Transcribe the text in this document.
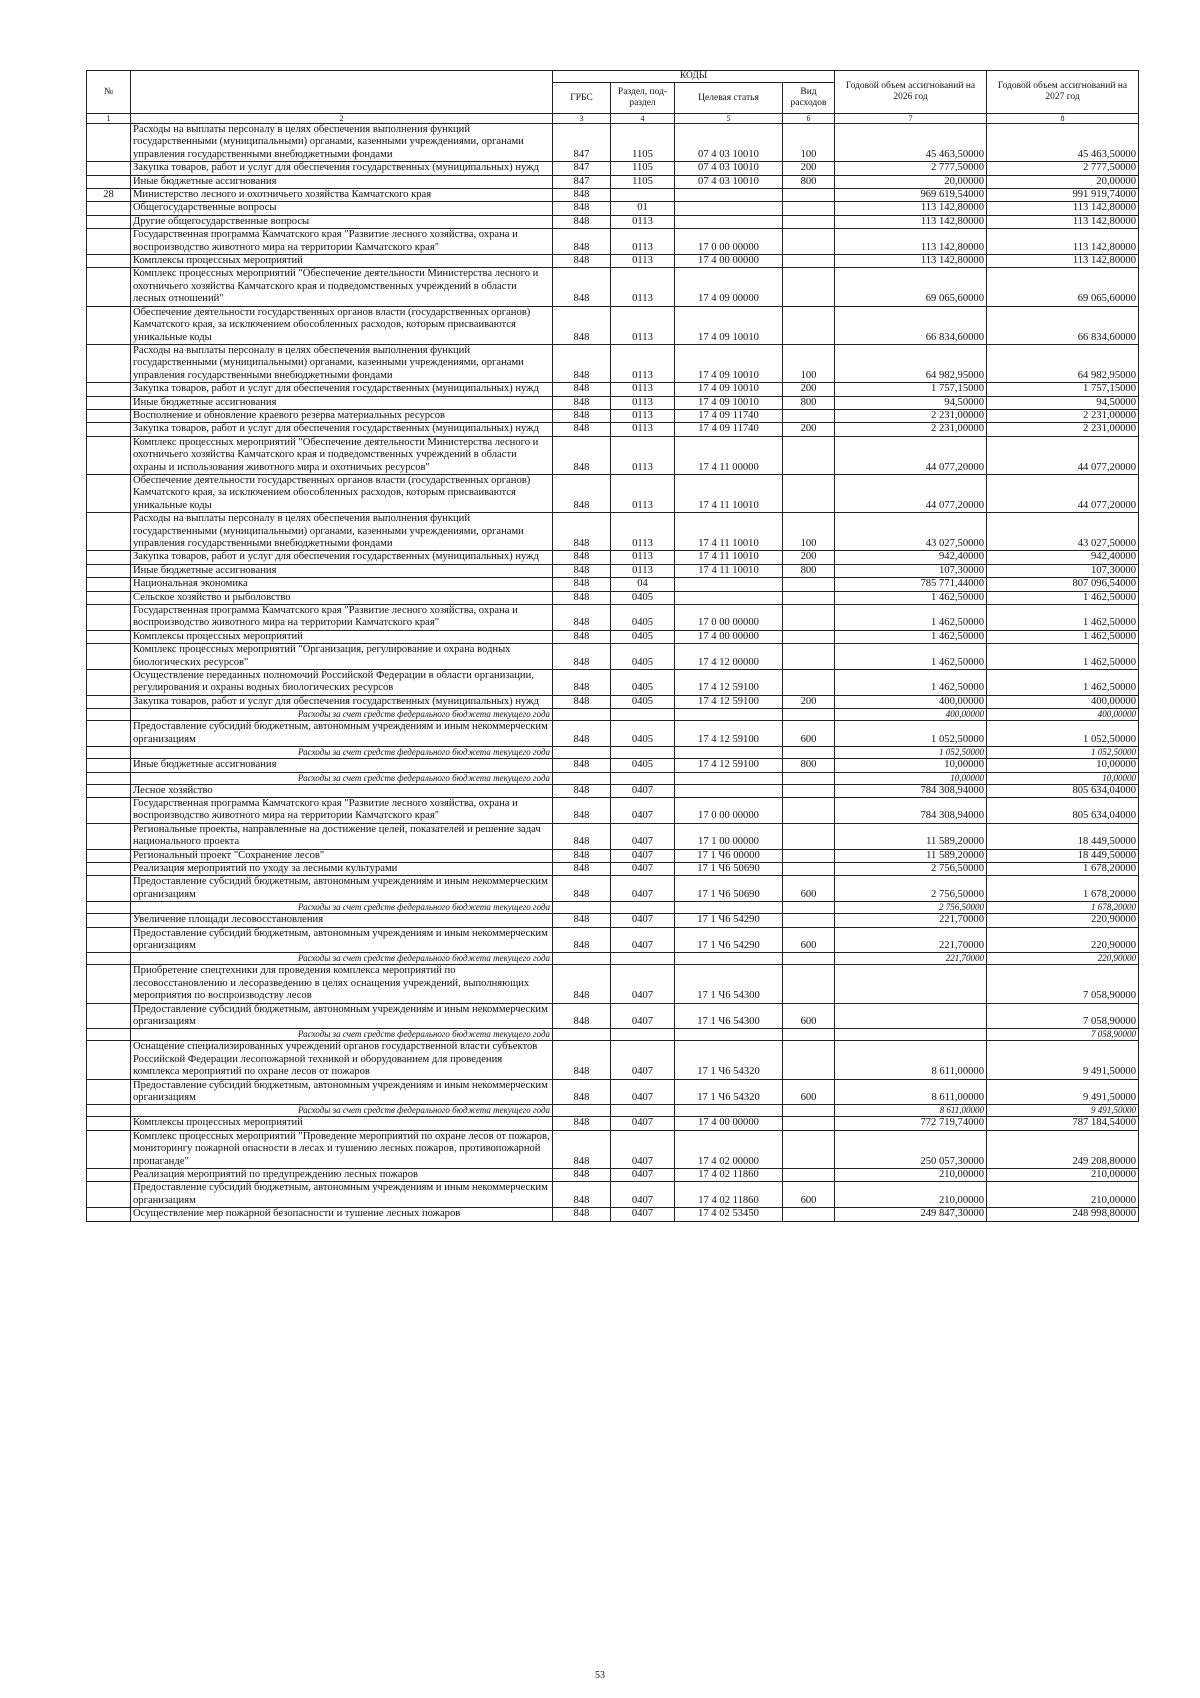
№		КОДЫ				Годовой объем ассигнований на 2026 год	Годовой объем ассигнований на 2027 год
		ГРБС	Раздел, под-раздел	Целевая статья	Вид расходов		
1	2	3	4	5	6	7	8
	Расходы на выплаты персоналу в целях обеспечения выполнения функций государственными (муниципальными) органами, казенными учреждениями, органами управления государственными внебюджетными фондами	847	1105	07 4 03 10010	100	45 463,50000	45 463,50000
	Закупка товаров, работ и услуг для обеспечения государственных (муниципальных) нужд	847	1105	07 4 03 10010	200	2 777,50000	2 777,50000
	Иные бюджетные ассигнования	847	1105	07 4 03 10010	800	20,00000	20,00000
28	Министерство лесного и охотничьего хозяйства Камчатского края	848				969 619,54000	991 919,74000
	Общегосударственные вопросы	848	01			113 142,80000	113 142,80000
	Другие общегосударственные вопросы	848	0113			113 142,80000	113 142,80000
	Государственная программа Камчатского края "Развитие лесного хозяйства, охрана и воспроизводство животного мира на территории Камчатского края"	848	0113	17 0 00 00000		113 142,80000	113 142,80000
	Комплексы процессных мероприятий	848	0113	17 4 00 00000		113 142,80000	113 142,80000
	Комплекс процессных мероприятий "Обеспечение деятельности Министерства лесного и охотничьего хозяйства Камчатского края и подведомственных учреждений в области лесных отношений"	848	0113	17 4 09 00000		69 065,60000	69 065,60000
	Обеспечение деятельности государственных органов власти (государственных органов) Камчатского края, за исключением обособленных расходов, которым присваиваются уникальные коды	848	0113	17 4 09 10010		66 834,60000	66 834,60000
	Расходы на выплаты персоналу в целях обеспечения выполнения функций государственными (муниципальными) органами, казенными учреждениями, органами управления государственными внебюджетными фондами	848	0113	17 4 09 10010	100	64 982,95000	64 982,95000
	Закупка товаров, работ и услуг для обеспечения государственных (муниципальных) нужд	848	0113	17 4 09 10010	200	1 757,15000	1 757,15000
	Иные бюджетные ассигнования	848	0113	17 4 09 10010	800	94,50000	94,50000
	Восполнение и обновление краевого резерва материальных ресурсов	848	0113	17 4 09 11740		2 231,00000	2 231,00000
	Закупка товаров, работ и услуг для обеспечения государственных (муниципальных) нужд	848	0113	17 4 09 11740	200	2 231,00000	2 231,00000
	Комплекс процессных мероприятий "Обеспечение деятельности Министерства лесного и охотничьего хозяйства Камчатского края и подведомственных учреждений в области охраны и использования животного мира и охотничьих ресурсов"	848	0113	17 4 11 00000		44 077,20000	44 077,20000
	Обеспечение деятельности государственных органов власти (государственных органов) Камчатского края, за исключением обособленных расходов, которым присваиваются уникальные коды	848	0113	17 4 11 10010		44 077,20000	44 077,20000
	Расходы на выплаты персоналу в целях обеспечения выполнения функций государственными (муниципальными) органами, казенными учреждениями, органами управления государственными внебюджетными фондами	848	0113	17 4 11 10010	100	43 027,50000	43 027,50000
	Закупка товаров, работ и услуг для обеспечения государственных (муниципальных) нужд	848	0113	17 4 11 10010	200	942,40000	942,40000
	Иные бюджетные ассигнования	848	0113	17 4 11 10010	800	107,30000	107,30000
	Национальная экономика	848	04			785 771,44000	807 096,54000
	Сельское хозяйство и рыболовство	848	0405			1 462,50000	1 462,50000
	Государственная программа Камчатского края "Развитие лесного хозяйства, охрана и воспроизводство животного мира на территории Камчатского края"	848	0405	17 0 00 00000		1 462,50000	1 462,50000
	Комплексы процессных мероприятий	848	0405	17 4 00 00000		1 462,50000	1 462,50000
	Комплекс процессных мероприятий "Организация, регулирование и охрана водных биологических ресурсов"	848	0405	17 4 12 00000		1 462,50000	1 462,50000
	Осуществление переданных полномочий Российской Федерации в области организации, регулирования и охраны водных биологических ресурсов	848	0405	17 4 12 59100		1 462,50000	1 462,50000
	Закупка товаров, работ и услуг для обеспечения государственных (муниципальных) нужд	848	0405	17 4 12 59100	200	400,00000	400,00000
	Расходы за счет средств федерального бюджета текущего года					400,00000	400,00000
	Предоставление субсидий бюджетным, автономным учреждениям и иным некоммерческим организациям	848	0405	17 4 12 59100	600	1 052,50000	1 052,50000
	Расходы за счет средств федерального бюджета текущего года					1 052,50000	1 052,50000
	Иные бюджетные ассигнования	848	0405	17 4 12 59100	800	10,00000	10,00000
	Расходы за счет средств федерального бюджета текущего года					10,00000	10,00000
	Лесное хозяйство	848	0407			784 308,94000	805 634,04000
	Государственная программа Камчатского края "Развитие лесного хозяйства, охрана и воспроизводство животного мира на территории Камчатского края"	848	0407	17 0 00 00000		784 308,94000	805 634,04000
	Региональные проекты, направленные на достижение целей, показателей и решение задач национального проекта	848	0407	17 1 00 00000		11 589,20000	18 449,50000
	Региональный проект "Сохранение лесов"	848	0407	17 1 Ч6 00000		11 589,20000	18 449,50000
	Реализация мероприятий по уходу за лесными культурами	848	0407	17 1 Ч6 50690		2 756,50000	1 678,20000
	Предоставление субсидий бюджетным, автономным учреждениям и иным некоммерческим организациям	848	0407	17 1 Ч6 50690	600	2 756,50000	1 678,20000
	Расходы за счет средств федерального бюджета текущего года					2 756,50000	1 678,20000
	Увеличение площади лесовосстановления	848	0407	17 1 Ч6 54290		221,70000	220,90000
	Предоставление субсидий бюджетным, автономным учреждениям и иным некоммерческим организациям	848	0407	17 1 Ч6 54290	600	221,70000	220,90000
	Расходы за счет средств федерального бюджета текущего года					221,70000	220,90000
	Приобретение спецтехники для проведения комплекса мероприятий по лесовосстановлению и лесоразведению в целях оснащения учреждений, выполняющих мероприятия по воспроизводству лесов	848	0407	17 1 Ч6 54300			7 058,90000
	Предоставление субсидий бюджетным, автономным учреждениям и иным некоммерческим организациям	848	0407	17 1 Ч6 54300	600		7 058,90000
	Расходы за счет средств федерального бюджета текущего года						7 058,90000
	Оснащение специализированных учреждений органов государственной власти субъектов Российской Федерации лесопожарной техникой и оборудованием для проведения комплекса мероприятий по охране лесов от пожаров	848	0407	17 1 Ч6 54320		8 611,00000	9 491,50000
	Предоставление субсидий бюджетным, автономным учреждениям и иным некоммерческим организациям	848	0407	17 1 Ч6 54320	600	8 611,00000	9 491,50000
	Расходы за счет средств федерального бюджета текущего года					8 611,00000	9 491,50000
	Комплексы процессных мероприятий	848	0407	17 4 00 00000		772 719,74000	787 184,54000
	Комплекс процессных мероприятий "Проведение мероприятий по охране лесов от пожаров, мониторингу пожарной опасности в лесах и тушению лесных пожаров, противопожарной пропаганде"	848	0407	17 4 02 00000		250 057,30000	249 208,80000
	Реализация мероприятий по предупреждению лесных пожаров	848	0407	17 4 02 11860		210,00000	210,00000
	Предоставление субсидий бюджетным, автономным учреждениям и иным некоммерческим организациям	848	0407	17 4 02 11860	600	210,00000	210,00000
	Осуществление мер пожарной безопасности и тушение лесных пожаров	848	0407	17 4 02 53450		249 847,30000	248 998,80000
53
